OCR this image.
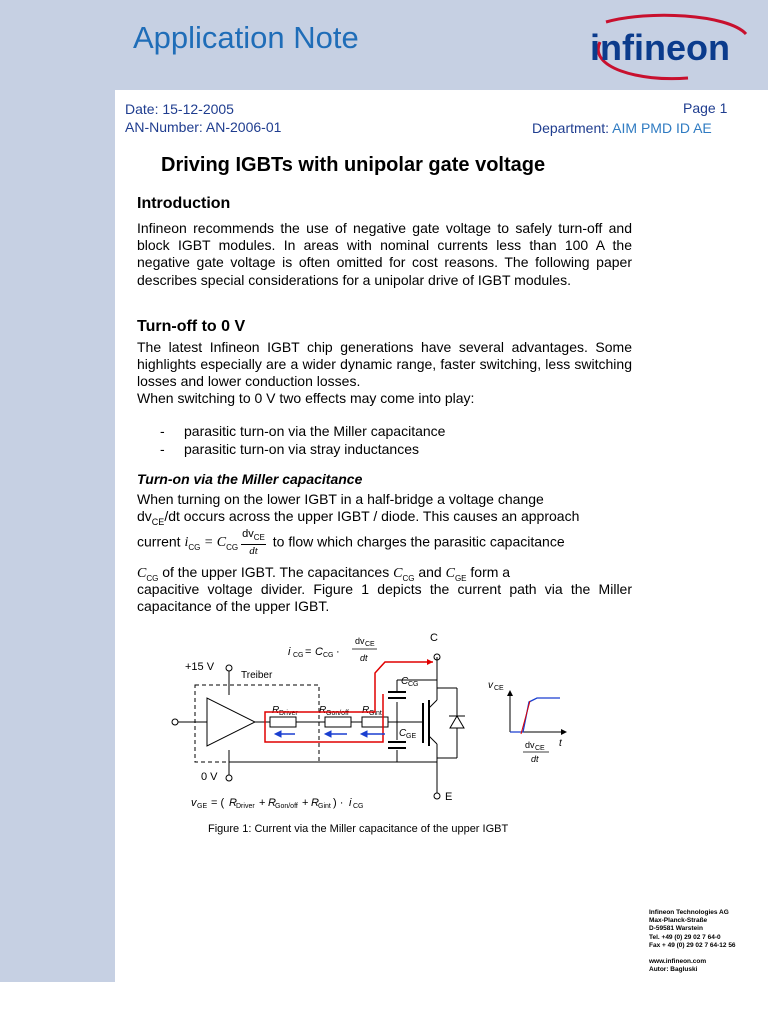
Application Note	infineon
Date: 15-12-2005
AN-Number: AN-2006-01
Page 1
Department: AIM PMD ID AE
Driving IGBTs with unipolar gate voltage
Introduction
Infineon recommends the use of negative gate voltage to safely turn-off and block IGBT modules. In areas with nominal currents less than 100 A the negative gate voltage is often omitted for cost reasons. The following paper describes special considerations for a unipolar drive of IGBT modules.
Turn-off to 0 V
The latest Infineon IGBT chip generations have several advantages. Some highlights especially are a wider dynamic range, faster switching, less switching losses and lower conduction losses.
When switching to 0 V two effects may come into play:
- parasitic turn-on via the Miller capacitance
- parasitic turn-on via stray inductances
Turn-on via the Miller capacitance
When turning on the lower IGBT in a half-bridge a voltage change
$dv_{CE}/dt$ occurs across the upper IGBT / diode. This causes an approach
current $i_{CG} = C_{CG} \frac{dv_{CE}}{dt}$ to flow which charges the parasitic capacitance
$C_{CG}$ of the upper IGBT. The capacitances $C_{CG}$ and $C_{GE}$ form a
capacitive voltage divider. Figure 1 depicts the current path via the Miller capacitance of the upper IGBT.
i CG = C CG ·
dv CE
dt
+15 V
Treiber
C
0 V
E
R Driver R Gon/off R Gint
C CG
C GE
v CE
t
dv CE
dt
v GE = ( R Driver + R Gon/off + R Gint ) · i CG
Figure 1: Current via the Miller capacitance of the upper IGBT
Infineon Technologies AG
Max-Planck-Straße
D-59581 Warstein
Tel. +49 (0) 29 02 7 64-0
Fax + 49 (0) 29 02 7 64-12 56
www.infineon.com
Autor: Bagluski
